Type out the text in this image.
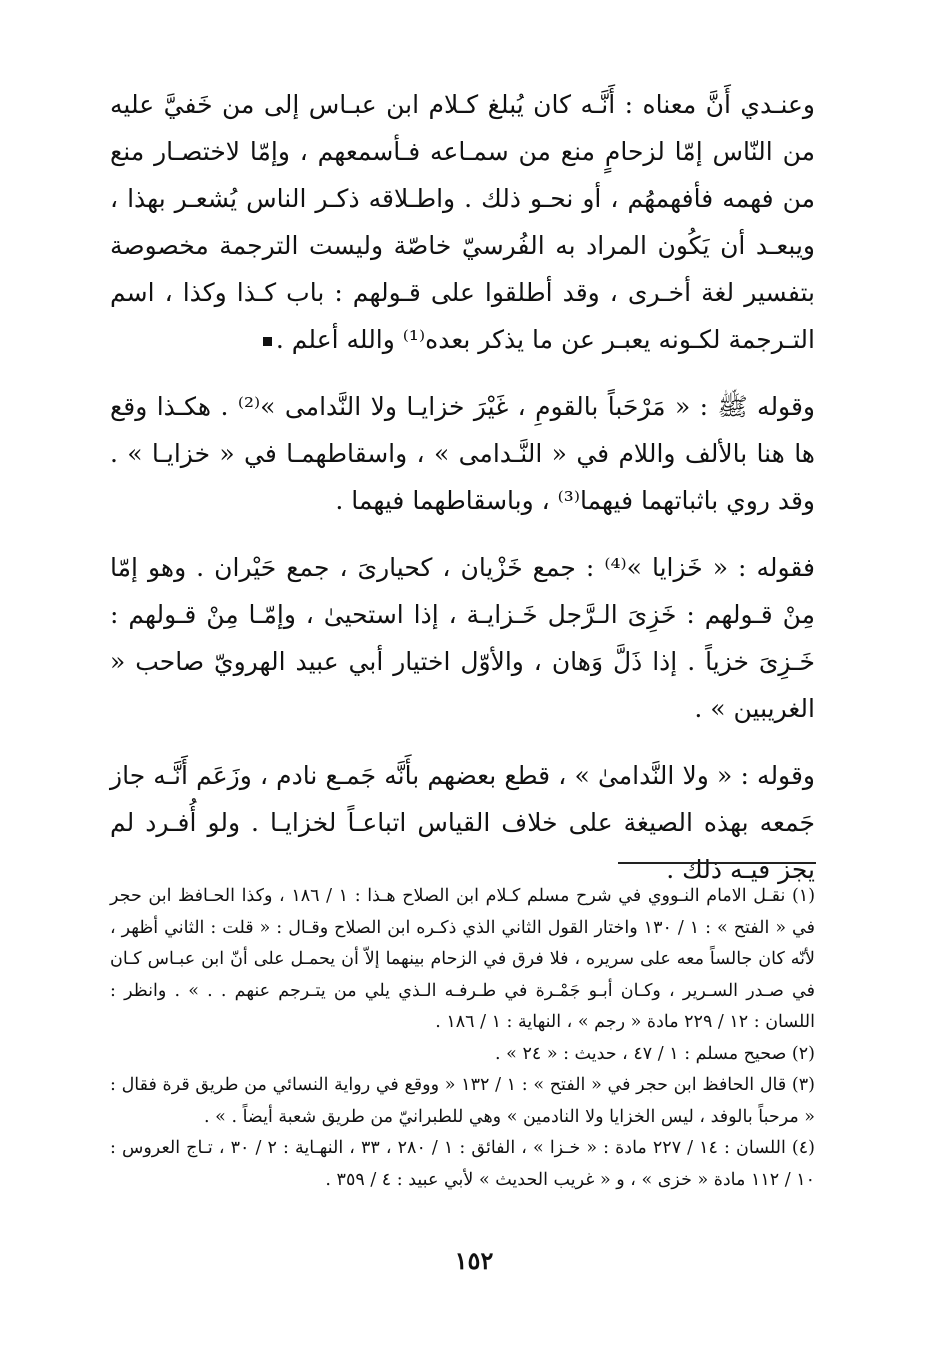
وعنـدي أَنَّ معناه : أَنَّـه كان يُبلغ كـلام ابن عبـاس إلى من خَفيَّ عليه من النّاس إمّا لزحامٍ منع من سمـاعه فـأسمعهم ، وإمّا لاختصـار منع من فهمه فأفهمهُم ، أو نحـو ذلك . واطـلاقه ذكـر الناس يُشعـر بهذا ، ويبعـد أن يَكُون المراد به الفُرسيّ خاصّة وليست الترجمة مخصوصة بتفسير لغة أخـرى ، وقد أطلقوا على قـولهم : باب كـذا وكذا ، اسم التـرجمة لكـونه يعبـر عن ما يذكر بعده⁽¹⁾ والله أعلم .

وقوله ﷺ : « مَرْحَباً بالقومِ ، غَيْرَ خزايـا ولا النَّدامى »⁽²⁾ . هكـذا وقع ها هنا بالألف واللام في « النَّـدامى » ، واسقاطهمـا في « خزايـا » . وقد روي باثباتهما فيهما⁽³⁾ ، وباسقاطهما فيهما .

فقوله : « خَزايا »⁽⁴⁾ : جمع خَزْيان ، كحيارىَ ، جمع حَيْران . وهو إمّا مِنْ قـولهم : خَزِىَ الـرَّجل خَـزايـة ، إذا استحيىٰ ، وإمّـا مِنْ قـولهم : خَـزِىَ خزياً . إذا ذَلَّ وَهان ، والأوّل اختيار أبي عبيد الهرويّ صاحب « الغريبين » .

وقوله : « ولا النَّدامىٰ » ، قطع بعضهم بأَنَّه جَمـع نادم ، وزَعَم أَنَّـه جاز جَمعه بهذه الصيغة على خلاف القياس اتباعـاً لخزايـا . ولو أُفـرد لم يجز فيـه ذلك .

(١) نقـل الامام النـووي في شرح مسلم كـلام ابن الصلاح هـذا : ١ / ١٨٦ ، وكذا الحـافظ ابن حجر في « الفتح » : ١ / ١٣٠ واختار القول الثاني الذي ذكـره ابن الصلاح وقـال : « قلت : الثاني أظهر ، لأنّه كان جالساً معه على سريره ، فلا فرق في الزحام بينهما إلاّ أن يحمـل على أنّ ابن عبـاس كـان في صـدر السـرير ، وكـان أبـو جَمْـرة في طـرفـه الـذي يلي من يتـرجم عنهم . . » . وانظر : اللسان : ١٢ / ٢٢٩ مادة « رجم » ، النهاية : ١ / ١٨٦ .

(٢) صحيح مسلم : ١ / ٤٧ ، حديث : « ٢٤ » .

(٣) قال الحافظ ابن حجر في « الفتح » : ١ / ١٣٢ « ووقع في رواية النسائي من طريق قرة فقال : « مرحباً بالوفد ، ليس الخزايا ولا النادمين » وهي للطبرانيّ من طريق شعبة أيضاً . » .

(٤) اللسان : ١٤ / ٢٢٧ مادة : « خـزا » ، الفائق : ١ / ٢٨٠ ، ٣٣ ، النهـاية : ٢ / ٣٠ ، تـاج العروس : ١٠ / ١١٢ مادة « خزى » ، و « غريب الحديث » لأبي عبيد : ٤ / ٣٥٩ .

١٥٢
